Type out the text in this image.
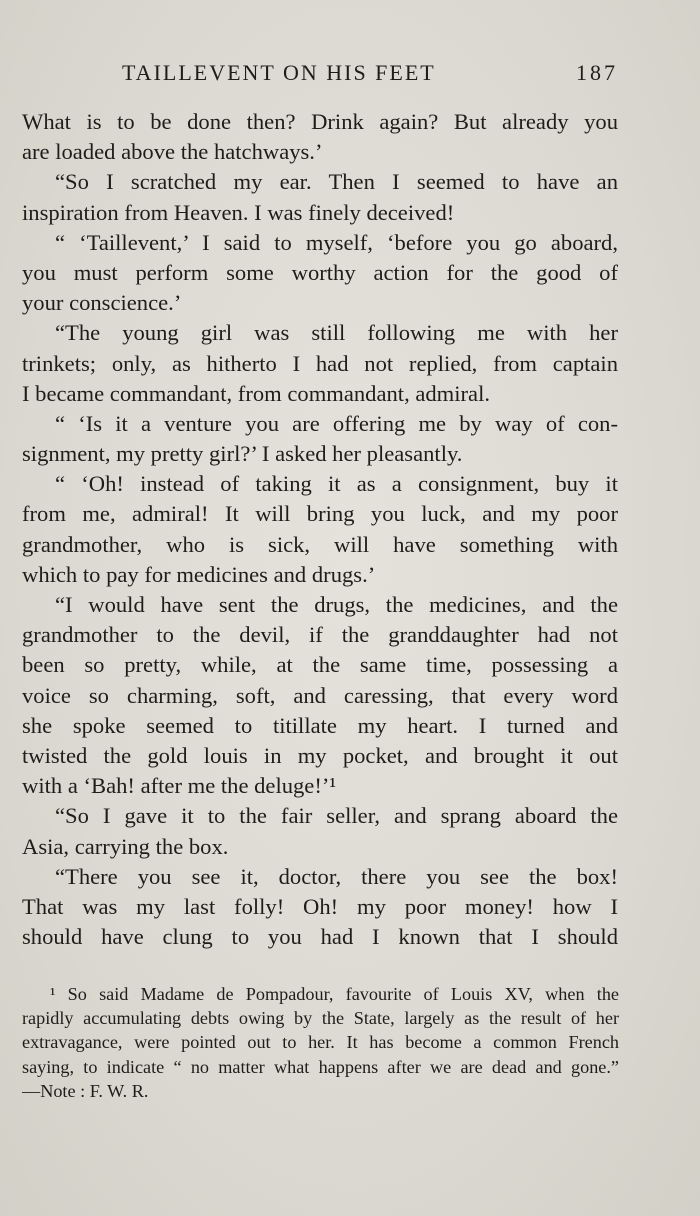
TAILLEVENT ON HIS FEET	187
What is to be done then? Drink again? But already you
are loaded above the hatchways.’
“So I scratched my ear. Then I seemed to have an
inspiration from Heaven. I was finely deceived!
“ ‘Taillevent,’ I said to myself, ‘before you go aboard,
you must perform some worthy action for the good of
your conscience.’
“The young girl was still following me with her
trinkets; only, as hitherto I had not replied, from captain
I became commandant, from commandant, admiral.
“ ‘Is it a venture you are offering me by way of con-
signment, my pretty girl?’ I asked her pleasantly.
“ ‘Oh! instead of taking it as a consignment, buy it
from me, admiral! It will bring you luck, and my poor
grandmother, who is sick, will have something with
which to pay for medicines and drugs.’
“I would have sent the drugs, the medicines, and the
grandmother to the devil, if the granddaughter had not
been so pretty, while, at the same time, possessing a
voice so charming, soft, and caressing, that every word
she spoke seemed to titillate my heart. I turned and
twisted the gold louis in my pocket, and brought it out
with a ‘Bah! after me the deluge!’¹
“So I gave it to the fair seller, and sprang aboard the
Asia, carrying the box.
“There you see it, doctor, there you see the box!
That was my last folly! Oh! my poor money! how I
should have clung to you had I known that I should
¹ So said Madame de Pompadour, favourite of Louis XV, when the
rapidly accumulating debts owing by the State, largely as the result of her
extravagance, were pointed out to her. It has become a common French
saying, to indicate “ no matter what happens after we are dead and gone.”
—Note : F. W. R.
